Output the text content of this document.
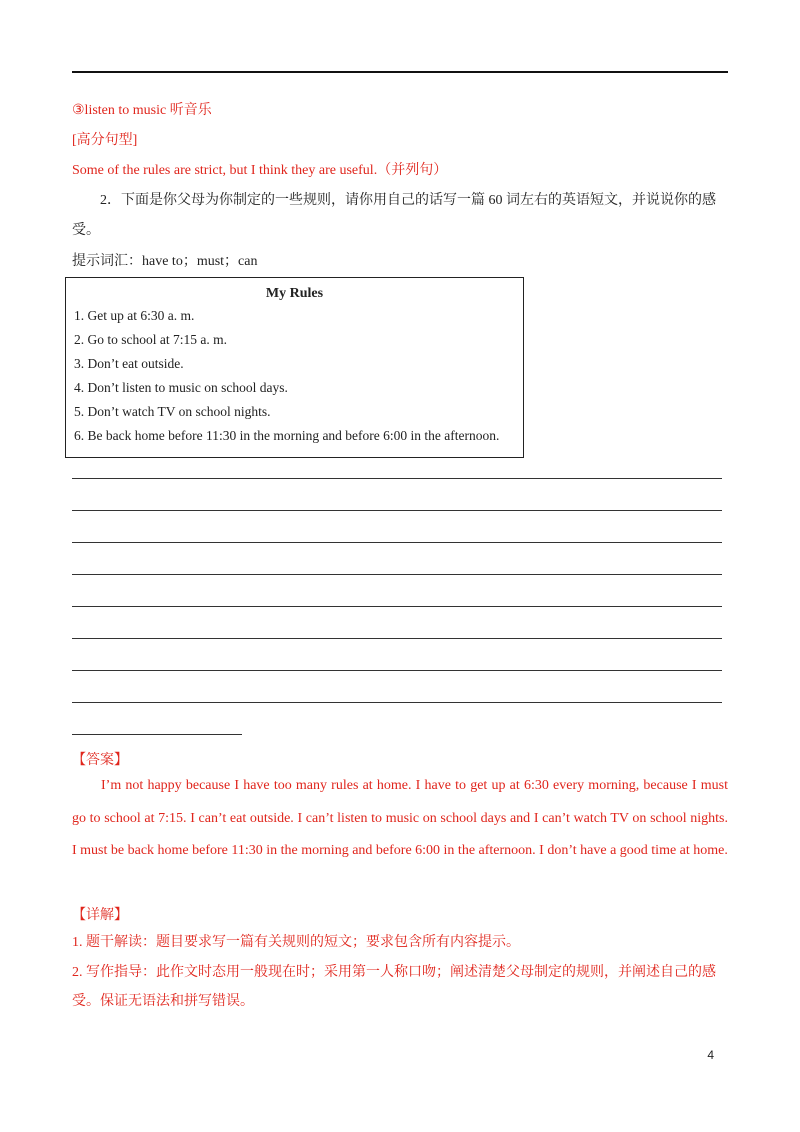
③listen to music 听音乐
[高分句型]
Some of the rules are strict, but I think they are useful.（并列句）
2．下面是你父母为你制定的一些规则，请你用自己的话写一篇 60 词左右的英语短文，并说说你的感
受。
提示词汇：have to；must；can
My Rules
1. Get up at 6:30 a. m.
2. Go to school at 7:15 a. m.
3. Don’t eat outside.
4. Don’t listen to music on school days.
5. Don’t watch TV on school nights.
6. Be back home before 11:30 in the morning and before 6:00 in the afternoon.
【答案】
I’m not happy because I have too many rules at home. I have to get up at 6:30 every morning, because I must go to school at 7:15. I can’t eat outside. I can’t listen to music on school days and I can’t watch TV on school nights. I must be back home before 11:30 in the morning and before 6:00 in the afternoon. I don’t have a good time at home.
【详解】
1. 题干解读：题目要求写一篇有关规则的短文；要求包含所有内容提示。
2. 写作指导：此作文时态用一般现在时；采用第一人称口吻；阐述清楚父母制定的规则，并阐述自己的感受。保证无语法和拼写错误。
4
